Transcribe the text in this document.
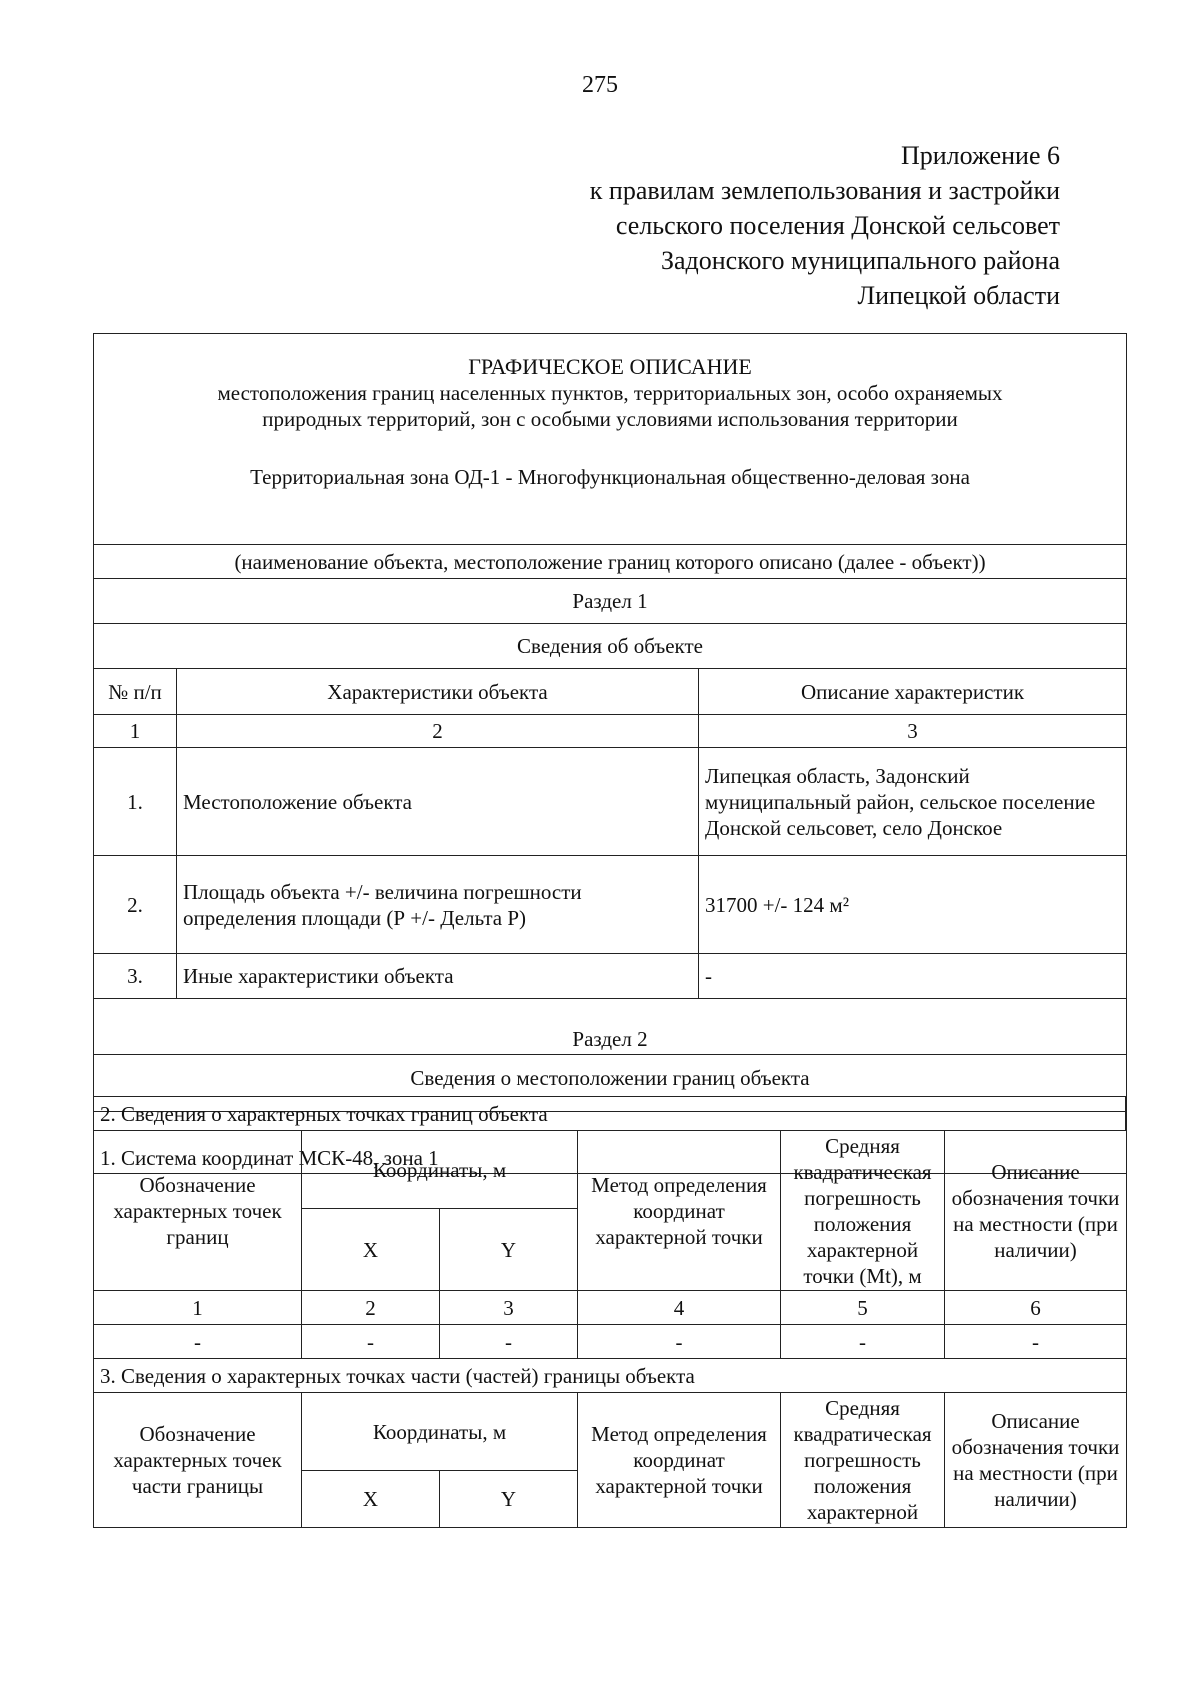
275
Приложение 6
к правилам землепользования и застройки
сельского поселения Донской сельсовет
Задонского муниципального района
Липецкой области
ГРАФИЧЕСКОЕ ОПИСАНИЕ
местоположения границ населенных пунктов, территориальных зон, особо охраняемых
природных территорий, зон с особыми условиями использования территории
Территориальная зона ОД-1 - Многофункциональная общественно-деловая зона		

(наименование объекта, местоположение границ которого описано (далее - объект))		
Раздел 1		
Сведения об объекте		
№ п/п	Характеристики объекта	Описание характеристик
1	2	3
1.	Местоположение объекта	Липецкая область, Задонский муниципальный район, сельское поселение Донской сельсовет, село Донское
2.	Площадь объекта +/- величина погрешности определения площади (Р +/- Дельта Р)	31700 +/- 124 м²
3.	Иные характеристики объекта	-
Раздел 2		
Сведения о местоположении границ объекта		
1. Система координат МСК-48, зона 1		
2. Сведения о характерных точках границ объекта
Обозначение характерных точек границ	Координаты, м		Метод определения координат характерной точки	Средняя квадратическая погрешность положения характерной точки (Mt), м	Описание обозначения точки на местности (при наличии)
	X	Y			
1	2	3	4	5	6
-	-	-	-	-	-
3. Сведения о характерных точках части (частей) границы объекта					
Обозначение характерных точек части границы	Координаты, м		Метод определения координат характерной точки	Средняя квадратическая погрешность положения характерной	Описание обозначения точки на местности (при наличии)
	X	Y			
